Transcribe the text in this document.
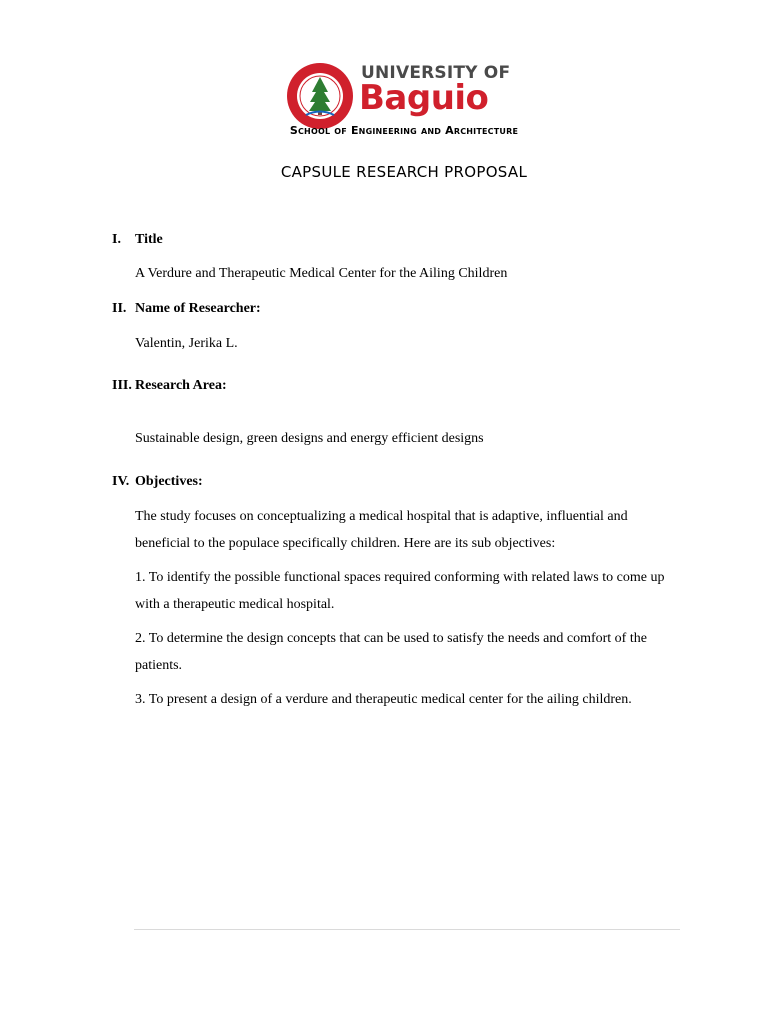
UNIVERSITY OF
Baguio
School of Engineering and Architecture
CAPSULE RESEARCH PROPOSAL
I. Title
A Verdure and Therapeutic Medical Center for the Ailing Children
II. Name of Researcher:
Valentin, Jerika L.
III. Research Area:
Sustainable design, green designs and energy efficient designs
IV. Objectives:
The study focuses on conceptualizing a medical hospital that is adaptive, influential and beneficial to the populace specifically children. Here are its sub objectives:
1. To identify the possible functional spaces required conforming with related laws to come up with a therapeutic medical hospital.
2. To determine the design concepts that can be used to satisfy the needs and comfort of the patients.
3. To present a design of a verdure and therapeutic medical center for the ailing children.
